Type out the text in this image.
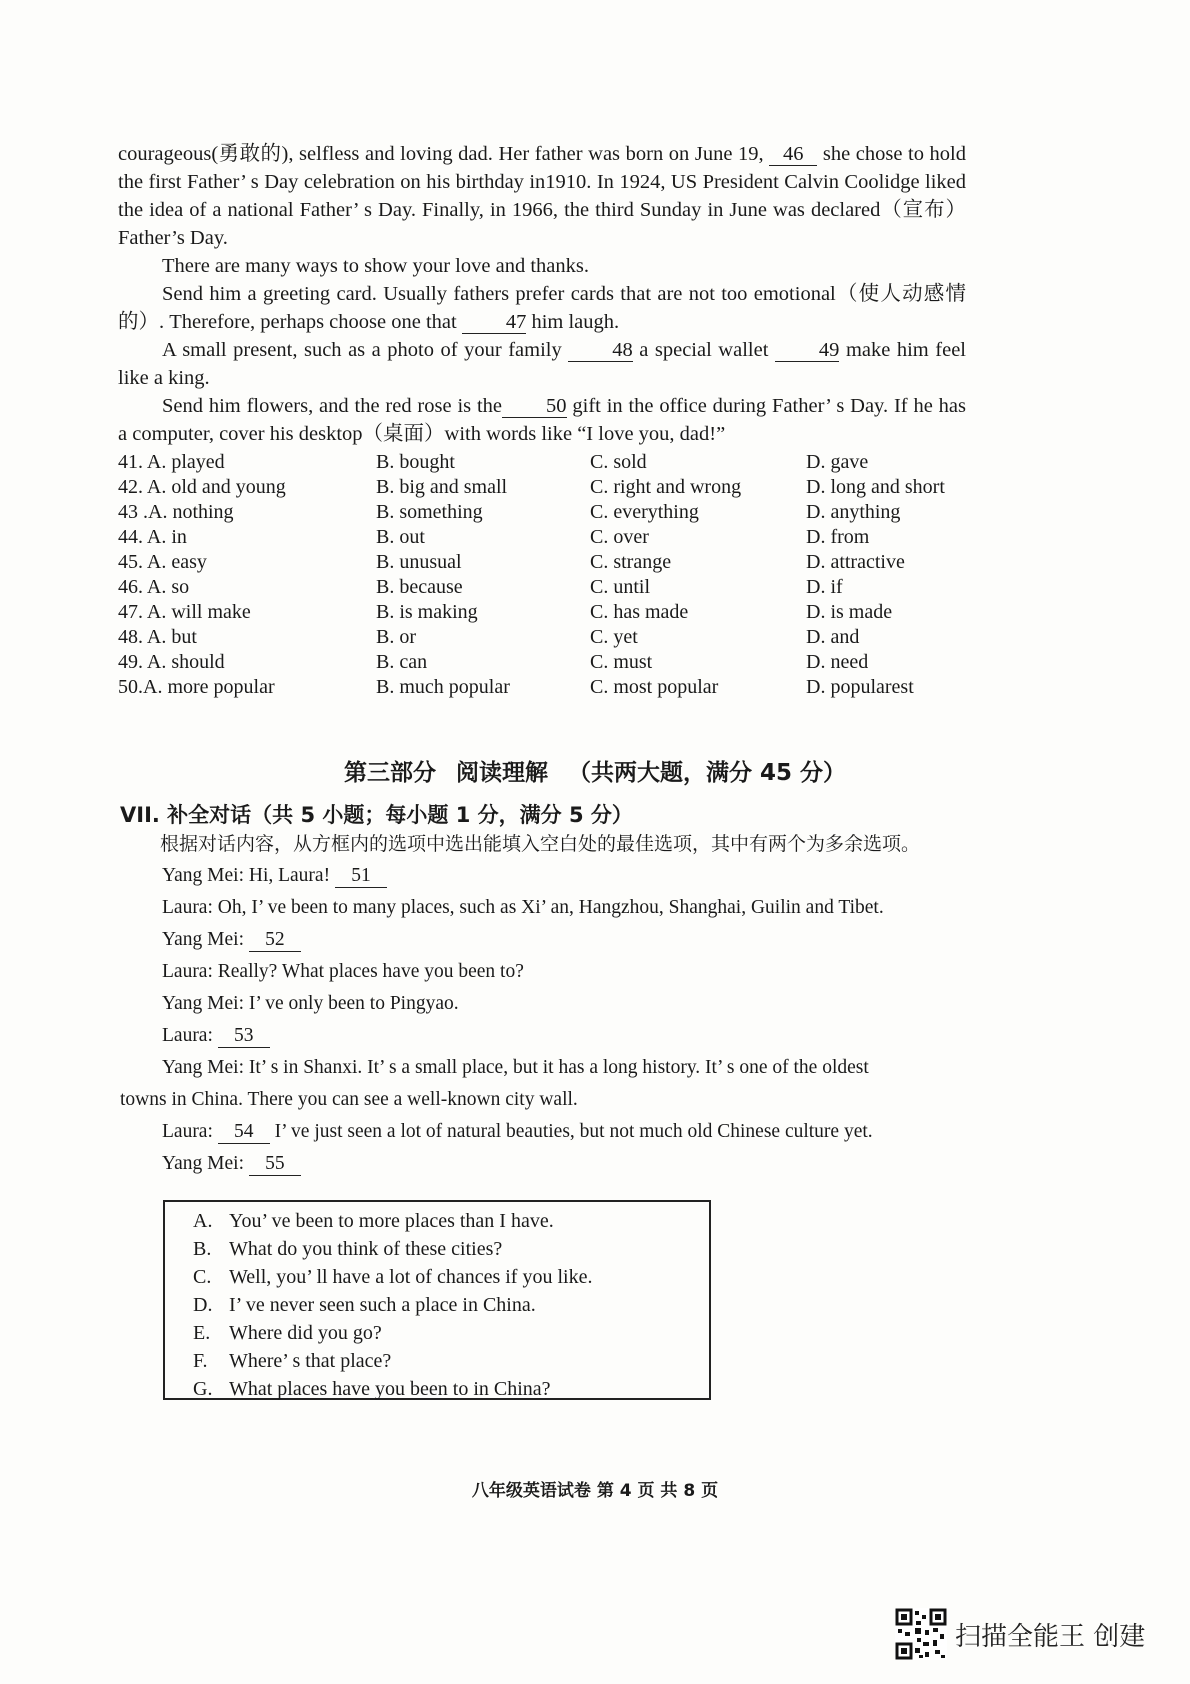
courageous(勇敢的), selfless and loving dad. Her father was born on June 19, 46 she chose to hold the first Father’ s Day celebration on his birthday in1910. In 1924, US President Calvin Coolidge liked the idea of a national Father’ s Day. Finally, in 1966, the third Sunday in June was declared（宣布）Father’s Day.

There are many ways to show your love and thanks.

Send him a greeting card. Usually fathers prefer cards that are not too emotional（使人动感情的）. Therefore, perhaps choose one that 47 him laugh.

A small present, such as a photo of your family 48 a special wallet 49 make him feel like a king.

Send him flowers, and the red rose is the 50 gift in the office during Father’ s Day. If he has a computer, cover his desktop（桌面）with words like “I love you, dad!”

41. A. played	B. bought	C. sold	D. gave
42. A. old and young	B. big and small	C. right and wrong	D. long and short
43 .A. nothing	B. something	C. everything	D. anything
44. A. in	B. out	C. over	D. from
45. A. easy	B. unusual	C. strange	D. attractive
46. A. so	B. because	C. until	D. if
47. A. will make	B. is making	C. has made	D. is made
48. A. but	B. or	C. yet	D. and
49. A. should	B. can	C. must	D. need
50.A. more popular	B. much popular	C. most popular	D. popularest
第三部分 阅读理解 （共两大题，满分 45 分）
VII. 补全对话（共 5 小题；每小题 1 分，满分 5 分）
根据对话内容，从方框内的选项中选出能填入空白处的最佳选项，其中有两个为多余选项。
Yang Mei: Hi, Laura! 51
Laura: Oh, I’ ve been to many places, such as Xi’ an, Hangzhou, Shanghai, Guilin and Tibet.
Yang Mei: 52
Laura: Really? What places have you been to?
Yang Mei: I’ ve only been to Pingyao.
Laura: 53
Yang Mei: It’ s in Shanxi. It’ s a small place, but it has a long history. It’ s one of the oldest
towns in China. There you can see a well-known city wall.
Laura: 54 I’ ve just seen a lot of natural beauties, but not much old Chinese culture yet.
Yang Mei: 55
A. You’ ve been to more places than I have.
B. What do you think of these cities?
C. Well, you’ ll have a lot of chances if you like.
D. I’ ve never seen such a place in China.
E. Where did you go?
F. Where’ s that place?
G. What places have you been to in China?
八年级英语试卷 第 4 页 共 8 页
扫描全能王 创建
